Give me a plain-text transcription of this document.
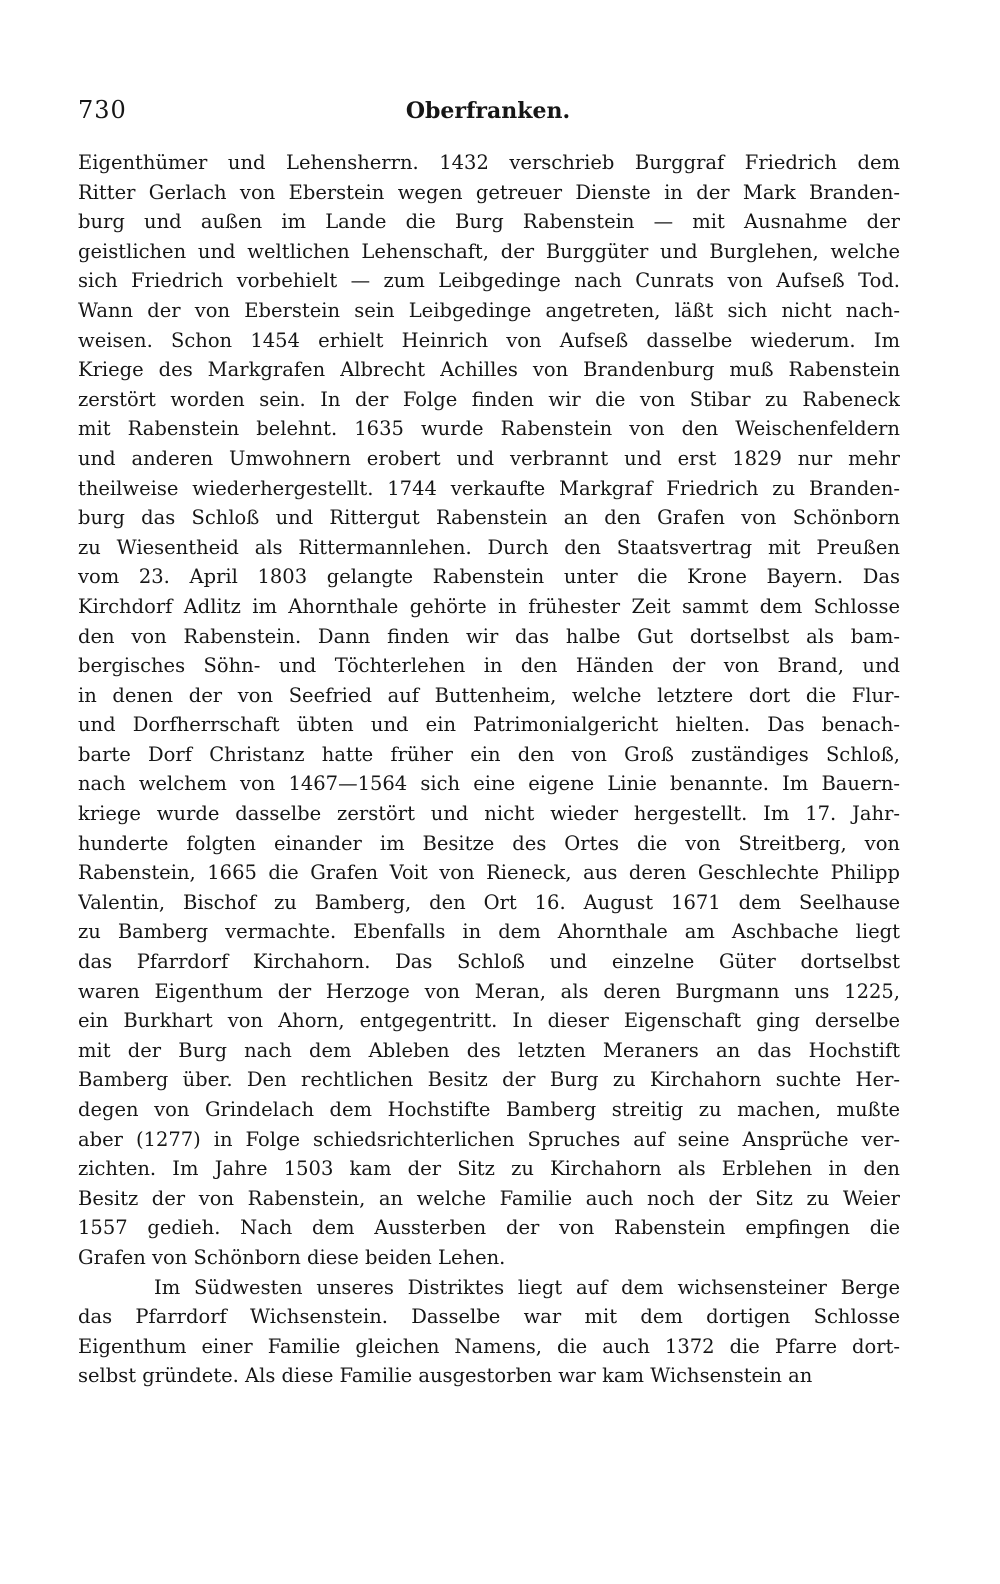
730	Oberfranken.
Eigenthümer und Lehensherrn. 1432 verschrieb Burggraf Friedrich dem
Ritter Gerlach von Eberstein wegen getreuer Dienste in der Mark Branden-
burg und außen im Lande die Burg Rabenstein — mit Ausnahme der
geistlichen und weltlichen Lehenschaft, der Burggüter und Burglehen, welche
sich Friedrich vorbehielt — zum Leibgedinge nach Cunrats von Aufseß Tod.
Wann der von Eberstein sein Leibgedinge angetreten, läßt sich nicht nach-
weisen. Schon 1454 erhielt Heinrich von Aufseß dasselbe wiederum. Im
Kriege des Markgrafen Albrecht Achilles von Brandenburg muß Rabenstein
zerstört worden sein. In der Folge finden wir die von Stibar zu Rabeneck
mit Rabenstein belehnt. 1635 wurde Rabenstein von den Weischenfeldern
und anderen Umwohnern erobert und verbrannt und erst 1829 nur mehr
theilweise wiederhergestellt. 1744 verkaufte Markgraf Friedrich zu Branden-
burg das Schloß und Rittergut Rabenstein an den Grafen von Schönborn
zu Wiesentheid als Rittermannlehen. Durch den Staatsvertrag mit Preußen
vom 23. April 1803 gelangte Rabenstein unter die Krone Bayern. Das
Kirchdorf Adlitz im Ahornthale gehörte in frühester Zeit sammt dem Schlosse
den von Rabenstein. Dann finden wir das halbe Gut dortselbst als bam-
bergisches Söhn- und Töchterlehen in den Händen der von Brand, und
in denen der von Seefried auf Buttenheim, welche letztere dort die Flur-
und Dorfherrschaft übten und ein Patrimonialgericht hielten. Das benach-
barte Dorf Christanz hatte früher ein den von Groß zuständiges Schloß,
nach welchem von 1467—1564 sich eine eigene Linie benannte. Im Bauern-
kriege wurde dasselbe zerstört und nicht wieder hergestellt. Im 17. Jahr-
hunderte folgten einander im Besitze des Ortes die von Streitberg, von
Rabenstein, 1665 die Grafen Voit von Rieneck, aus deren Geschlechte Philipp
Valentin, Bischof zu Bamberg, den Ort 16. August 1671 dem Seelhause
zu Bamberg vermachte. Ebenfalls in dem Ahornthale am Aschbache liegt
das Pfarrdorf Kirchahorn. Das Schloß und einzelne Güter dortselbst
waren Eigenthum der Herzoge von Meran, als deren Burgmann uns 1225,
ein Burkhart von Ahorn, entgegentritt. In dieser Eigenschaft ging derselbe
mit der Burg nach dem Ableben des letzten Meraners an das Hochstift
Bamberg über. Den rechtlichen Besitz der Burg zu Kirchahorn suchte Her-
degen von Grindelach dem Hochstifte Bamberg streitig zu machen, mußte
aber (1277) in Folge schiedsrichterlichen Spruches auf seine Ansprüche ver-
zichten. Im Jahre 1503 kam der Sitz zu Kirchahorn als Erblehen in den
Besitz der von Rabenstein, an welche Familie auch noch der Sitz zu Weier
1557 gedieh. Nach dem Aussterben der von Rabenstein empfingen die
Grafen von Schönborn diese beiden Lehen.
Im Südwesten unseres Distriktes liegt auf dem wichsensteiner Berge
das Pfarrdorf Wichsenstein. Dasselbe war mit dem dortigen Schlosse
Eigenthum einer Familie gleichen Namens, die auch 1372 die Pfarre dort-
selbst gründete. Als diese Familie ausgestorben war kam Wichsenstein an
